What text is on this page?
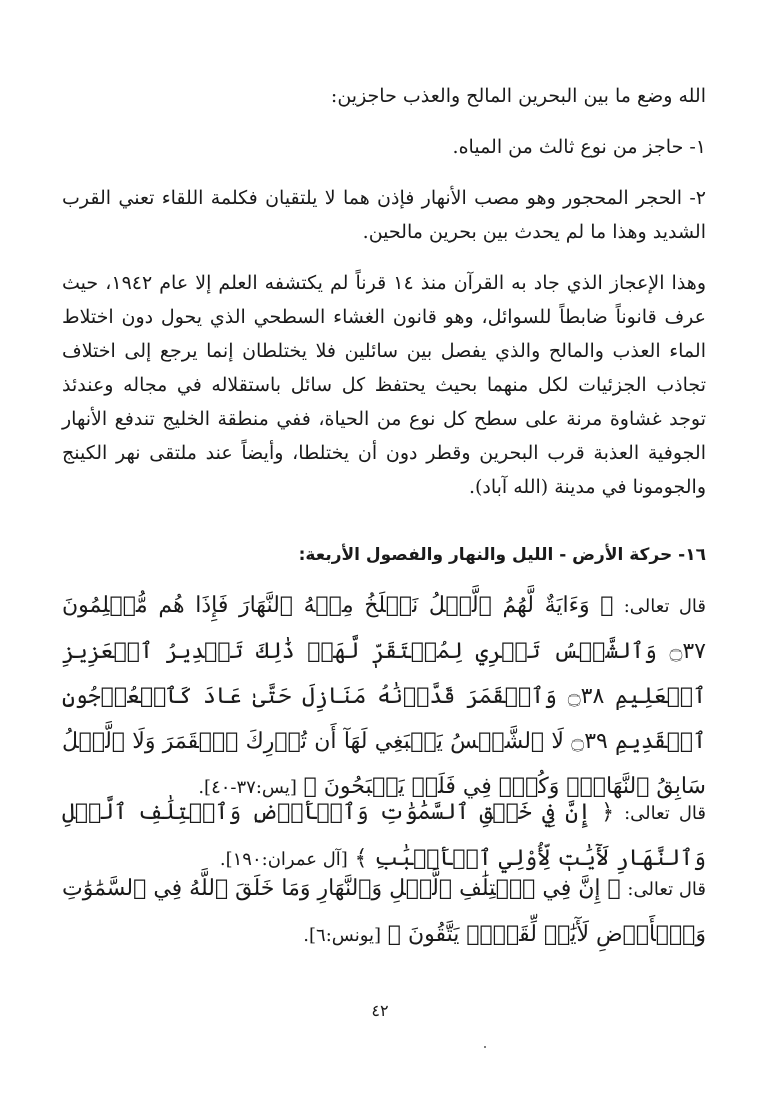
الله وضع ما بين البحرين المالح والعذب حاجزين:

١- حاجز من نوع ثالث من المياه.

٢- الحجر المحجور وهو مصب الأنهار فإذن هما لا يلتقيان فكلمة اللقاء تعني القرب الشديد وهذا ما لم يحدث بين بحرين مالحين.

وهذا الإعجاز الذي جاد به القرآن منذ ١٤ قرناً لم يكتشفه العلم إلا عام ١٩٤٢، حيث عرف قانوناً ضابطاً للسوائل، وهو قانون الغشاء السطحي الذي يحول دون اختلاط الماء العذب والمالح والذي يفصل بين سائلين فلا يختلطان إنما يرجع إلى اختلاف تجاذب الجزئيات لكل منهما بحيث يحتفظ كل سائل باستقلاله في مجاله وعندئذ توجد غشاوة مرنة على سطح كل نوع من الحياة، ففي منطقة الخليج تندفع الأنهار الجوفية العذبة قرب البحرين وقطر دون أن يختلطا، وأيضاً عند ملتقى نهر الكينج والجومونا في مدينة (الله آباد).

١٦- حركة الأرض - الليل والنهار والفصول الأربعة:
قال تعالى: ﴿ وَءَايَةٌ لَّهُمُ ٱلَّيۡلُ نَسۡلَخُ مِنۡهُ ٱلنَّهَارَ فَإِذَا هُم مُّظۡلِمُونَ ۝٣٧ وَٱلشَّمۡسُ تَجۡرِي لِمُسۡتَقَرّٖ لَّهَاۚ ذَٰلِكَ تَقۡدِيرُ ٱلۡعَزِيزِ ٱلۡعَلِيمِ ۝٣٨ وَٱلۡقَمَرَ قَدَّرۡنَٰهُ مَنَازِلَ حَتَّىٰ عَادَ كَٱلۡعُرۡجُونِ ٱلۡقَدِيمِ ۝٣٩ لَا ٱلشَّمۡسُ يَنۢبَغِي لَهَآ أَن تُدۡرِكَ ٱلۡقَمَرَ وَلَا ٱلَّيۡلُ سَابِقُ ٱلنَّهَارِۚ وَكُلّٞ فِي فَلَكٖ يَسۡبَحُونَ ﴾ [يس:٣٧-٤٠].
قال تعالى: ﴿ إِنَّ فِي خَلۡقِ ٱلسَّمَٰوَٰتِ وَٱلۡأَرۡضِ وَٱخۡتِلَٰفِ ٱلَّيۡلِ وَٱلنَّهَارِ لَأٓيَٰتٖ لِّأُوْلِي ٱلۡأَلۡبَٰبِ ﴾ [آل عمران:١٩٠].
قال تعالى: ﴿ إِنَّ فِي ٱخۡتِلَٰفِ ٱلَّيۡلِ وَٱلنَّهَارِ وَمَا خَلَقَ ٱللَّهُ فِي ٱلسَّمَٰوَٰتِ وَٱلۡأَرۡضِ لَأٓيَٰتٖ لِّقَوۡمٖ يَتَّقُونَ ﴾ [يونس:٦].
٤٢
